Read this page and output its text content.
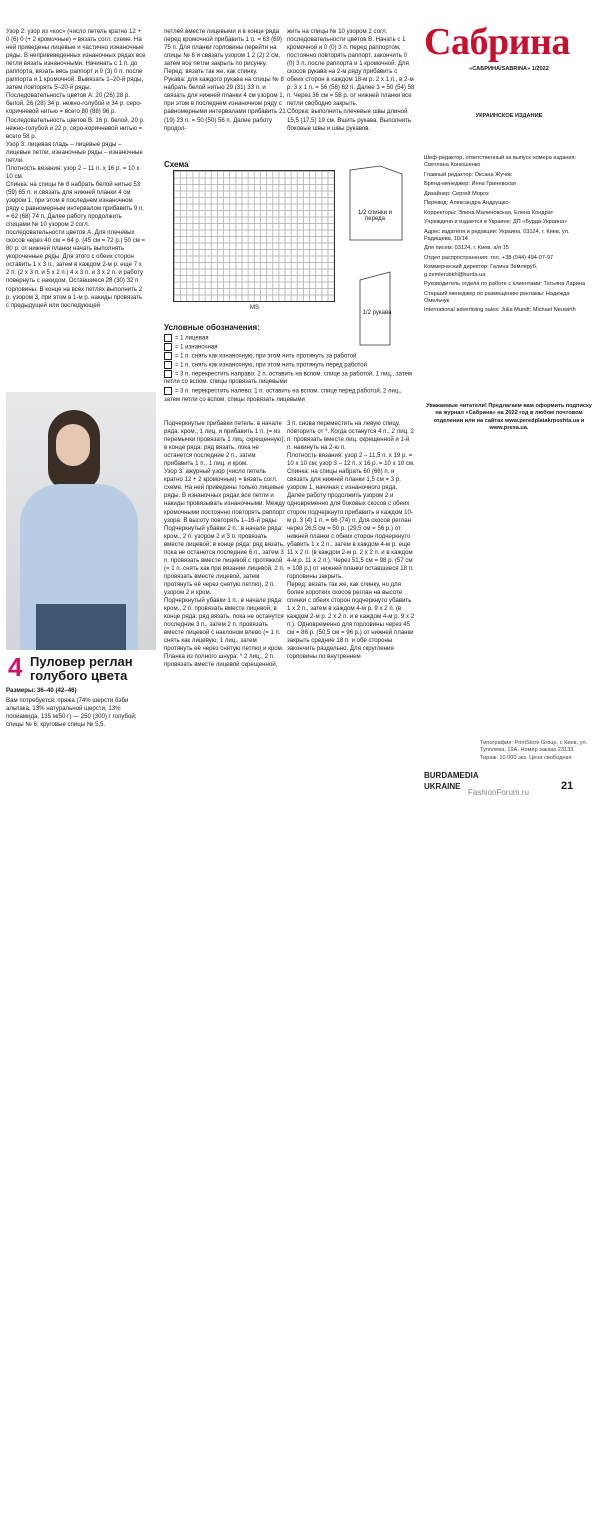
Узор 2: узор из «кос» (число петель кратно 12 + 0 (6) 0 (+ 2 кромочные) = вязать согл. схеме. На ней приведены лицевые и частично изнаночные ряды. В непривеведенных изнаночных рядах все петли вязать изнаночными. Начинать с 1 п. до раппорта, вязать весь раппорт и 0 (3) 0 п. после раппорта и 1 кромочной. Вывязать 1–20-й ряды, затем повторять 5–20-й ряды.

Последовательность цветов A: 20 (26) 28 р. белой, 26 (28) 34 р. нежно-голубой и 34 р. серо-коричневой нитью = всего 80 (88) 96 р.

Последовательность цветов B: 16 р. белой, 20 р. нежно-голубой и 22 р. серо-коричневой нитью = всего 58 р.

Узор 3: лицевая гладь – лицевые ряды – лицевые петли, изнаночные ряды – изнаночные петли.

Плотность вязания: узор 2 – 11 п. х 16 р. = 10 х 10 см.

Спинка: на спицы № 8 набрать белой нитью 53 (59) 65 п. и связать для нижней планки 4 см узором 1, при этом в последнем изнаночном ряду с равномерным интервалом прибавить 9 п. = 62 (68) 74 п. Далее работу продолжить спицами № 10 узором 2 согл. последовательности цветов А. Для плечевых скосов через 40 см = 64 р. (45 см = 72 р.) 50 см = 80 р. от нижней планки начать выполнять укороченные ряды. Для этого с обеих сторон оставить 1 х 3 п., затем в каждом 2-м р. еще 7 х 2 п. (2 х 3 п. и 5 х 2 п.) 4 х 3 п. и 3 х 2 п. и работу повернуть с накидом. Оставшиеся 28 (30) 32 п. горловины. В конце на всех петлях выполнить 2 р. узором 3, при этом в 1-м р. накиды провязать с предыдущей или последующей

петлей вместе лицевыми и в конце ряда перед кромочной прибавить 1 п. = 63 (69) 75 п. Для планки горловины перейти на спицы № 8 и связать узором 1 2 (2) 2 см, затем все петли закрыть по рисунку.

Перед: вязать так же, как спинку.

Рукава: для каждого рукава на спицы № 8 набрать белой нитью 29 (31) 33 п. и связать для нижней планки 4 см узором 1, при этом в последнем изнаночном ряду с равномерными интервалами прибавить 21 (19) 23 п. = 50 (50) 56 п. Далее работу продол-

жить на спицы № 10 узором 2 согл. последовательности цветов В. Начать с 1 кромочной и 0 (0) 3 п. перед раппортом, постоянно повторять раппорт, закончить 0 (0) 3 п. после раппорта и 1 кромочной. Для скосов рукава на 2-м ряду прибавить с обеих сторон в каждом 18-м р. 2 х 1 п., в 2-м р. 3 х 1 п. = 56 (56) 62 п. Далее 3 = 50 (54) 58 п. Через 36 см = 58 р. от нижней планки все петли свободно закрыть.

Сборка: выполнить плечевые швы длиной 15,5 (17,5) 19 см. Вшить рукава. Выполнить боковые швы и швы рукавов.

Схема
MS
1/2 спинки и переда
1/2 рукава
Условные обозначения:

= 1 лицевая

= 1 изнаночная

= 1 п. снять как изнаночную, при этом нить протянуть за работой

= 1 п. снять как изнаночную, при этом нить протянуть перед работой

= 3 п. перекрестить направо: 2 п. оставить на вспом. спице за работой, 1 лиц., затем петли со вспом. спицы провязать лицевыми

= 3 п. перекрестить налево: 1 п. оставить на вспом. спице перед работой, 2 лиц., затем петли со вспом. спицы провязать лицевыми

4 Пуловер реглан голубого цвета
Размеры: 36–40 (42–46)
Вам потребуется: пряжа (74% шерсти бэби альпака, 13% натуральной шерсти, 13% полиамида, 135 м/50 г) — 250 (300) г голубой; спицы № 6; круговые спицы № 5,5.

Подчеркнутые прибавки петель: в начале ряда: кром., 1 лиц. и прибавить 1 п. (= из перемычки провязать 1 лиц. скрещенную); в конце ряда: ряд вязать, пока не останется последние 2 п., затем прибавить 1 п., 1 лиц. и кром.

Узор 3: ажурный узор (число петель кратно 12 + 2 кромочные) = вязать согл. схеме. На ней приведены только лицевые ряды. В изнаночных рядах все петли и накиды провязывать изнаночными. Между кромочными постоянно повторять раппорт узора. В высоту повторять 1–16-й ряды.

Подчеркнутый убавки 2 п.: в начале ряда: кром., 2 п. узором 2 и 3 п. провязать вместе лицевой; в конце ряда: ряд вязать, пока не останется последние 6 п., затем 3 п. провязать вместе лицевой с протяжкой (= 1 п. снять как при вязании лицевой, 2 п. провязать вместе лицевой, затем протянуть её через снятую петлю), 2 п. узором 2 и кром.

Подчеркнутый убавки 1 п.: в начале ряда: кром., 2 п. провязать вместе лицевой; в конце ряда: ряд вязать, пока не останутся последние 3 п., затем 2 п. провязать вместе лицевой с наклоном влево (= 1 п. снять как лицевую, 1 лиц., затем протянуть её через снятую петлю) и кром.

Планка из полного шнура: * 2 лиц., 2 п. провязать вместе лицевой скрещенной,

3 п. снова переместить на левую спицу, повторить от *. Когда останутся 4 п., 2 лиц. 2 п. провязать вместе лиц. скрещенной и 1-й п. накинуть на 2-ю п.

Плотность вязания: узор 2 – 11,5 п. х 19 р. = 10 х 10 см; узор 3 – 12 п. х 16 р. = 10 х 10 см.

Спинка: на спицы набрать 60 (66) п. и связать для нижней планки 1,5 см = 3 р. узором 1, начиная с изнаночного ряда. Далее работу продолжить узором 2 и одновременно для боковых скосов с обеих сторон подчеркнуто прибавить в каждом 10-м р. 3 (4) 1 п. = 66 (74) п. Для скосов реглан через 26,5 см = 50 р. (29,5 см = 56 р.) от нижней планки с обеих сторон подчеркнуто убавить 1 х 2 п., затем в каждом 4-м р. еще 11 х 2 п. (в каждом 2-м р. 2 х 2 п. и в каждом 4-м р. 11 х 2 п.). Через 51,5 см = 98 р. (57 см = 108 р.) от нижней планки оставшиеся 18 п. горловины закрыть.

Перед: вязать так же, как спинку, но для более коротких скосов реглан на высоте спинки с обеих сторон подчеркнуто убавить 1 х 2 п., затем в каждом 4-м р. 9 х 2 п. (в каждом 2-м р. 2 х 2 п. и в каждом 4-м р. 9 х 2 п.). Одновременно для горловины через 45 см = 86 р. (50,5 см = 96 р.) от нижней планки закрыть средние 18 п. и обе стороны закончить раздельно. Для скругления горловины по внутреннем

Сабрина

«САБРИНА/SABRINA» 1/2022

УКРАИНСКОЕ ИЗДАНИЕ

Шеф-редактор, ответственный за выпуск номера издания: Светлана Конюшенко

Главный редактор: Оксана Жучок

Бренд-менеджер: Инна Гриневская

Дизайнер: Сергей Мороз

Перевод: Александра Андрущко

Корректоры: Элина Малиновская, Елена Кондрат

Учреждено и издается в Украине: ДП «Бурда-Украина»

Адрес издателя и редакции: Украина, 03124, г. Киев, ул. Радищева, 10/14

Для писем: 03124, г. Киев, а/я 15

Отдел распространения: тел. +38 (044) 494-07-97

Коммерческий директор: Галина Землеруб, g.zemlerubkh@burda.ua

Руководитель отдела по работе с клиентами: Татьяна Ларина

Старший менеджер по размещению рекламы: Надежда Омельчук

International advertising sales: Julia Mundt; Michael Neuwirth

Уважаемые читатели! Предлагаем вам оформить подписку на журнал «Сабрина» на 2022 год в любом почтовом отделении или на сайтах www.peredplatakrposhta.ua и www.presa.ua.
Типография: PrintStore Group, г. Киев, ул. Туполева, 19А. Номер заказа 23133. Тираж: 10 000 экз. Цена свободная
BURDAMEDIA
UKRAINE	21
FashionForum.ru
